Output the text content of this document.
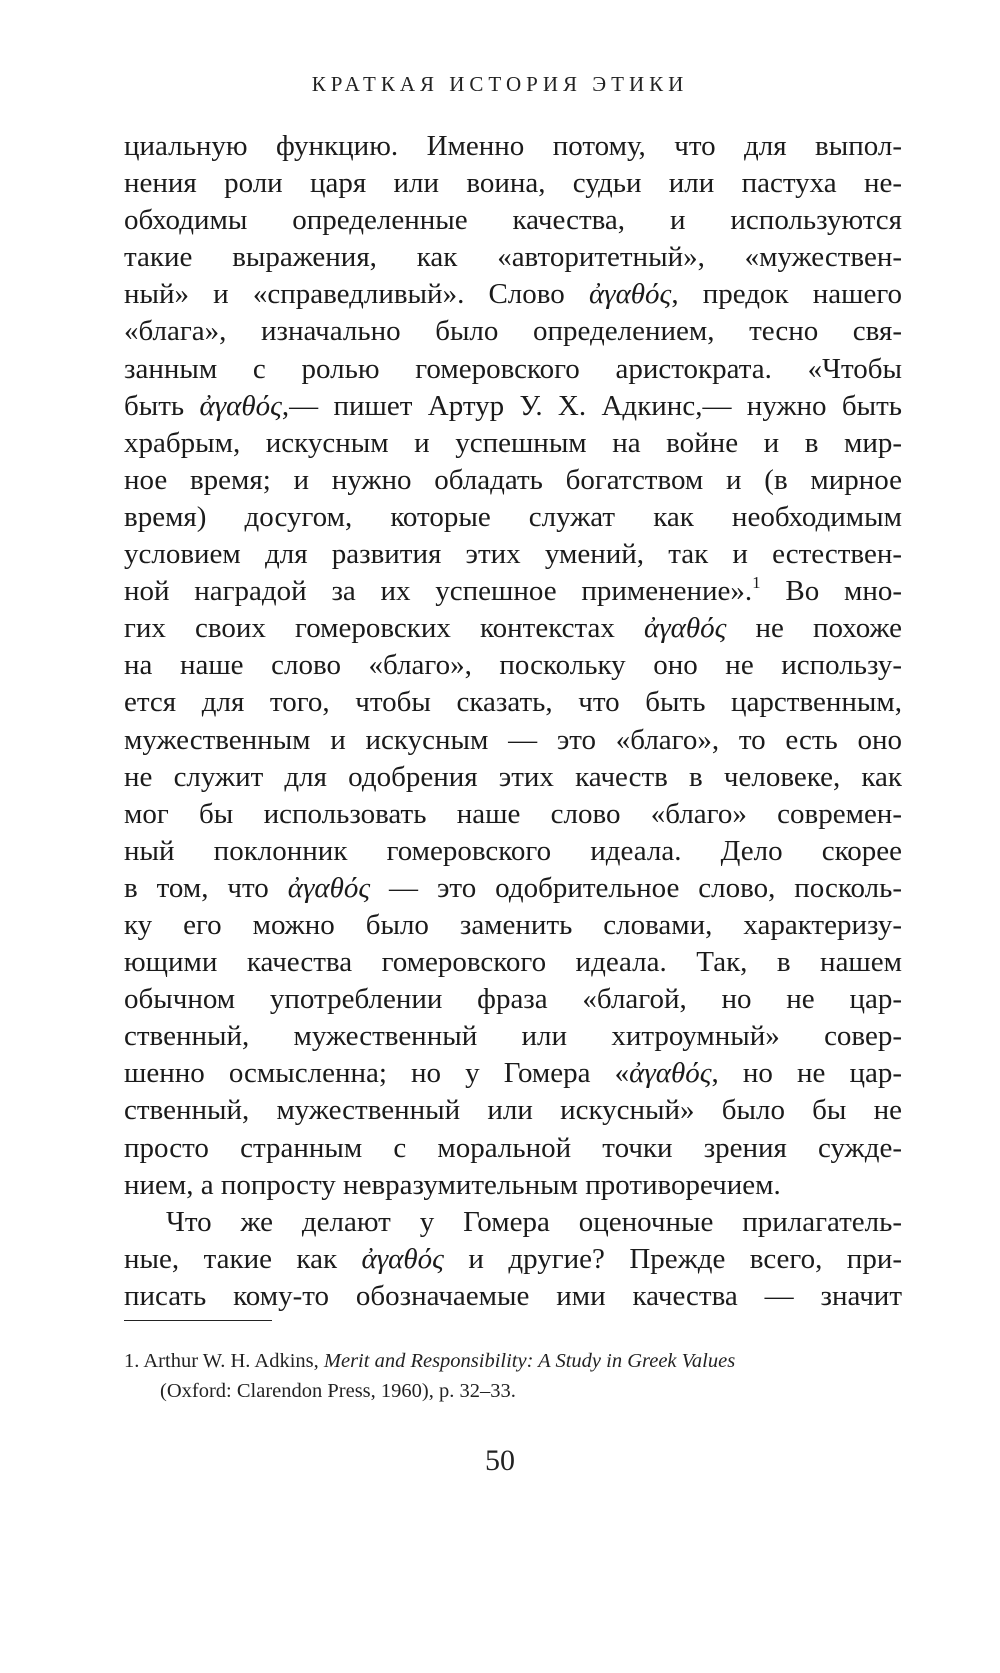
КРАТКАЯ ИСТОРИЯ ЭТИКИ
циальную функцию. Именно потому, что для выпол-
нения роли царя или воина, судьи или пастуха не-
обходимы определенные качества, и используются
такие выражения, как «авторитетный», «мужествен-
ный» и «справедливый». Слово ἀγαθός, предок нашего
«блага», изначально было определением, тесно свя-
занным с ролью гомеровского аристократа. «Чтобы
быть ἀγαθός,— пишет Артур У. Х. Адкинс,— нужно быть
храбрым, искусным и успешным на войне и в мир-
ное время; и нужно обладать богатством и (в мирное
время) досугом, которые служат как необходимым
условием для развития этих умений, так и естествен-
ной наградой за их успешное применение».$^1$ Во мно-
гих своих гомеровских контекстах ἀγαθός не похоже
на наше слово «благо», поскольку оно не использу-
ется для того, чтобы сказать, что быть царственным,
мужественным и искусным — это «благо», то есть оно
не служит для одобрения этих качеств в человеке, как
мог бы использовать наше слово «благо» современ-
ный поклонник гомеровского идеала. Дело скорее
в том, что ἀγαθός — это одобрительное слово, посколь-
ку его можно было заменить словами, характеризу-
ющими качества гомеровского идеала. Так, в нашем
обычном употреблении фраза «благой, но не цар-
ственный, мужественный или хитроумный» совер-
шенно осмысленна; но у Гомера «ἀγαθός, но не цар-
ственный, мужественный или искусный» было бы не
просто странным с моральной точки зрения сужде-
нием, а попросту невразумительным противоречием.
Что же делают у Гомера оценочные прилагатель-
ные, такие как ἀγαθός и другие? Прежде всего, при-
писать кому-то обозначаемые ими качества — значит
1. Arthur W. H. Adkins, Merit and Responsibility: A Study in Greek Values
(Oxford: Clarendon Press, 1960), p. 32–33.
50
